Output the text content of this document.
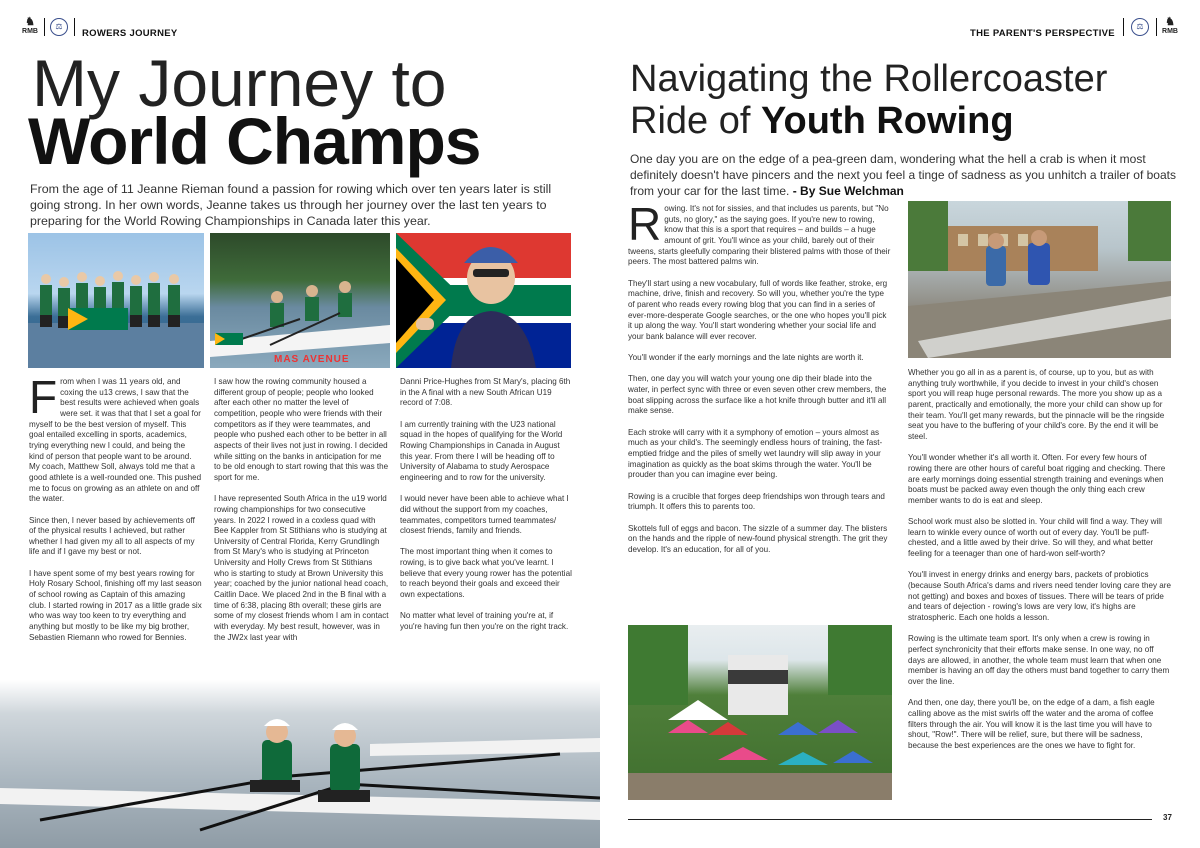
♞
RMB
⚖
ROWERS JOURNEY
My Journey to
World Champs
From the age of 11 Jeanne Rieman found a passion for rowing which over ten years later is still going strong. In her own words, Jeanne takes us through her journey over the last ten years to preparing for the World Rowing Championships in Canada later this year.
MAS AVENUE

From when I was 11 years old, and coxing the u13 crews, I saw that the best results were achieved when goals were set. it was that that I set a goal for myself to be the best version of myself. This goal entailed excelling in sports, academics, trying everything new I could, and being the kind of person that people want to be around. My coach, Matthew Soll, always told me that a good athlete is a well-rounded one. This pushed me to focus on growing as an athlete on and off the water.

Since then, I never based by achievements off of the physical results I achieved, but rather whether I had given my all to all aspects of my life and if I gave my best or not.

I have spent some of my best years rowing for Holy Rosary School, finishing off my last season of school rowing as Captain of this amazing club. I started rowing in 2017 as a little grade six who was way too keen to try everything and anything but mostly to be like my big brother, Sebastien Riemann who rowed for Bennies.

I saw how the rowing community housed a different group of people; people who looked after each other no matter the level of competition, people who were friends with their competitors as if they were teammates, and people who pushed each other to be better in all aspects of their lives not just in rowing. I decided while sitting on the banks in anticipation for me to be old enough to start rowing that this was the sport for me.

I have represented South Africa in the u19 world rowing championships for two consecutive years. In 2022 I rowed in a coxless quad with Bee Kappler from St Stithians who is studying at University of Central Florida, Kerry Grundlingh from St Mary's who is studying at Princeton University and Holly Crews from St Stithians who is starting to study at Brown University this year; coached by the junior national head coach, Caitlin Dace. We placed 2nd in the B final with a time of 6:38, placing 8th overall; these girls are some of my closest friends whom I am in contact with everyday. My best result, however, was in the JW2x last year with

Danni Price-Hughes from St Mary's, placing 6th in the A final with a new South African U19 record of 7:08.

I am currently training with the U23 national squad in the hopes of qualifying for the World Rowing Championships in Canada in August this year. From there I will be heading off to University of Alabama to study Aerospace engineering and to row for the university.

I would never have been able to achieve what I did without the support from my coaches, teammates, competitors turned teammates/ closest friends, family and friends.

The most important thing when it comes to rowing, is to give back what you've learnt. I believe that every young rower has the potential to reach beyond their goals and exceed their own expectations.

No matter what level of training you're at, if you're having fun then you're on the right track.

THE PARENT'S PERSPECTIVE
⚖	♞
RMB
Navigating the Rollercoaster
Ride of Youth Rowing
One day you are on the edge of a pea-green dam, wondering what the hell a crab is when it most definitely doesn't have pincers and the next you feel a tinge of sadness as you unhitch a trailer of boats from your car for the last time. - By Sue Welchman

Rowing. It's not for sissies, and that includes us parents, but "No guts, no glory," as the saying goes. If you're new to rowing, know that this is a sport that requires – and builds – a huge amount of grit. You'll wince as your child, barely out of their tweens, starts gleefully comparing their blistered palms with those of their peers. The most battered palms win.

They'll start using a new vocabulary, full of words like feather, stroke, erg machine, drive, finish and recovery. So will you, whether you're the type of parent who reads every rowing blog that you can find in a series of ever-more-desperate Google searches, or the one who hopes you'll pick it up along the way. You'll start wondering whether your social life and your bank balance will ever recover.

You'll wonder if the early mornings and the late nights are worth it.

Then, one day you will watch your young one dip their blade into the water, in perfect sync with three or even seven other crew members, the boat slipping across the surface like a hot knife through butter and it'll all make sense.

Each stroke will carry with it a symphony of emotion – yours almost as much as your child's. The seemingly endless hours of training, the fast-emptied fridge and the piles of smelly wet laundry will slip away in your imagination as quickly as the boat skims through the water. You'll be prouder than you can imagine ever being.

Rowing is a crucible that forges deep friendships won through tears and triumph. It offers this to parents too.

Skottels full of eggs and bacon. The sizzle of a summer day. The blisters on the hands and the ripple of new-found physical strength. The grit they develop. It's an education, for all of you.

Whether you go all in as a parent is, of course, up to you, but as with anything truly worthwhile, if you decide to invest in your child's chosen sport you will reap huge personal rewards. The more you show up as a parent, practically and emotionally, the more your child can show up for their team. You'll get many rewards, but the pinnacle will be the ringside seat you have to the buffering of your child's core. By the end it will be steel.

You'll wonder whether it's all worth it. Often. For every few hours of rowing there are other hours of careful boat rigging and checking. There are early mornings doing essential strength training and evenings when boats must be packed away even though the only thing each crew member wants to do is eat and sleep.

School work must also be slotted in. Your child will find a way. They will learn to winkle every ounce of worth out of every day. You'll be puff-chested, and a little awed by their drive. So will they, and what better feeling for a teenager than one of hard-won self-worth?

You'll invest in energy drinks and energy bars, packets of probiotics (because South Africa's dams and rivers need tender loving care they are not getting) and boxes and boxes of tissues. There will be tears of pride and tears of dejection - rowing's lows are very low, it's highs are stratospheric. Each one holds a lesson.

Rowing is the ultimate team sport. It's only when a crew is rowing in perfect synchronicity that their efforts make sense. In one way, no off days are allowed, in another, the whole team must learn that when one member is having an off day the others must band together to carry them over the line.

And then, one day, there you'll be, on the edge of a dam, a fish eagle calling above as the mist swirls off the water and the aroma of coffee filters through the air. You will know it is the last time you will have to shout, "Row!". There will be relief, sure, but there will be sadness, because the best experiences are the ones we have to fight for.

37
